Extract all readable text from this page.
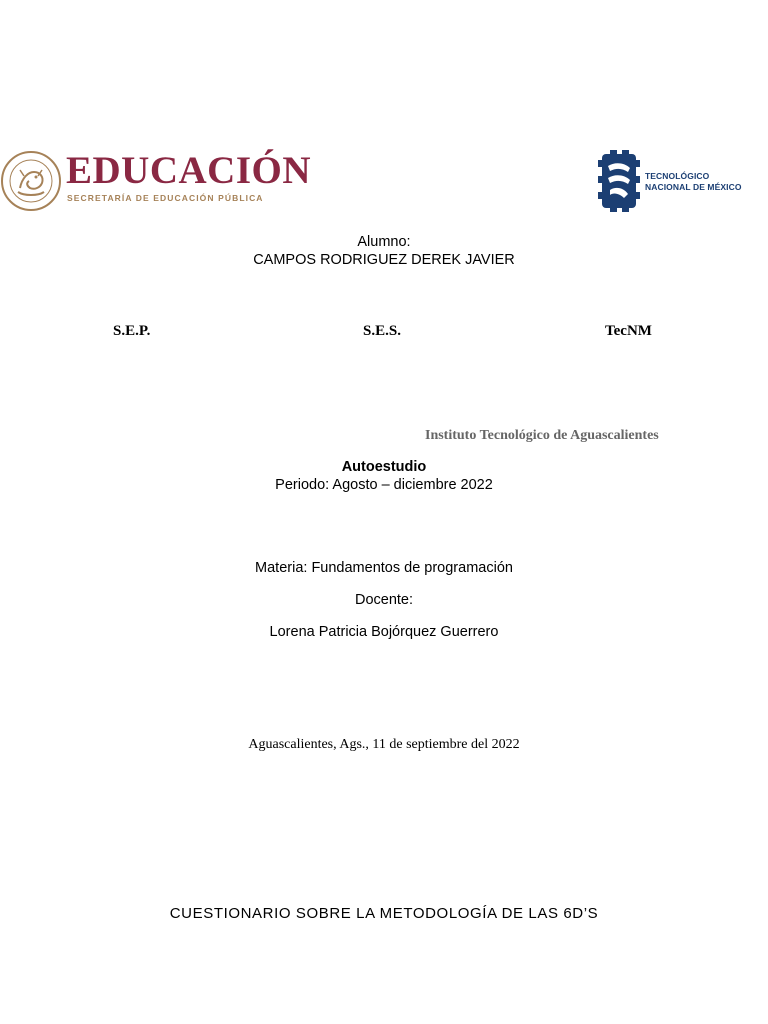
EDUCACIÓN
SECRETARÍA DE EDUCACIÓN PÚBLICA
TECNOLÓGICO
NACIONAL DE MÉXICO
Alumno:
CAMPOS RODRIGUEZ DEREK JAVIER
S.E.P.	S.E.S.	TecNM
Instituto Tecnológico de Aguascalientes
Autoestudio
Periodo: Agosto – diciembre 2022
Materia: Fundamentos de programación
Docente:
Lorena Patricia Bojórquez Guerrero
Aguascalientes, Ags., 11 de septiembre del 2022
CUESTIONARIO SOBRE LA METODOLOGÍA DE LAS 6D’S
